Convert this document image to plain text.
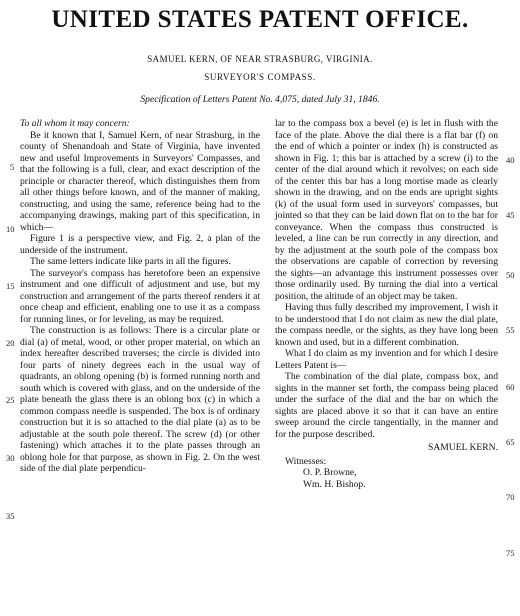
UNITED STATES PATENT OFFICE.
SAMUEL KERN, OF NEAR STRASBURG, VIRGINIA.
SURVEYOR'S COMPASS.
Specification of Letters Patent No. 4,075, dated July 31, 1846.

To all whom it may concern:

Be it known that I, Samuel Kern, of near Strasburg, in the county of Shenandoah and State of Virginia, have invented new and useful Improvements in Surveyors' Compasses, and that the following is a full, clear, and exact description of the principle or character thereof, which distinguishes them from all other things before known, and of the manner of making, constructing, and using the same, reference being had to the accompanying drawings, making part of this specification, in which—

Figure 1 is a perspective view, and Fig. 2, a plan of the underside of the instrument.

The same letters indicate like parts in all the figures.

The surveyor's compass has heretofore been an expensive instrument and one difficult of adjustment and use, but my construction and arrangement of the parts thereof renders it at once cheap and efficient, enabling one to use it as a compass for running lines, or for leveling, as may be required.

The construction is as follows: There is a circular plate or dial (a) of metal, wood, or other proper material, on which an index hereafter described traverses; the circle is divided into four parts of ninety degrees each in the usual way of quadrants, an oblong opening (b) is formed running north and south which is covered with glass, and on the underside of the plate beneath the glass there is an oblong box (c) in which a common compass needle is suspended. The box is of ordinary construction but it is so attached to the dial plate (a) as to be adjustable at the south pole thereof. The screw (d) (or other fastening) which attaches it to the plate passes through an oblong hole for that purpose, as shown in Fig. 2. On the west side of the dial plate perpendicu-

lar to the compass box a bevel (e) is let in flush with the face of the plate. Above the dial there is a flat bar (f) on the end of which a pointer or index (h) is constructed as shown in Fig. 1; this bar is attached by a screw (i) to the center of the dial around which it revolves; on each side of the center this bar has a long mortise made as clearly shown in the drawing, and on the ends are upright sights (k) of the usual form used in surveyors' compasses, but jointed so that they can be laid down flat on to the bar for conveyance. When the compass thus constructed is leveled, a line can be run correctly in any direction, and by the adjustment at the south pole of the compass box the observations are capable of correction by reversing the sights—an advantage this instrument possesses over those ordinarily used. By turning the dial into a vertical position, the altitude of an object may be taken.

Having thus fully described my improvement, I wish it to be understood that I do not claim as new the dial plate, the compass needle, or the sights, as they have long been known and used, but in a different combination.

What I do claim as my invention and for which I desire Letters Patent is—

The combination of the dial plate, compass box, and sights in the manner set forth, the compass being placed under the surface of the dial and the bar on which the sights are placed above it so that it can have an entire sweep around the circle tangentially, in the manner and for the purpose described.

SAMUEL KERN.
Witnesses:
O. P. Browne,
Wm. H. Bishop.
5
10
15
20
25
30
35
40
45
50
55
60
65
70
75
